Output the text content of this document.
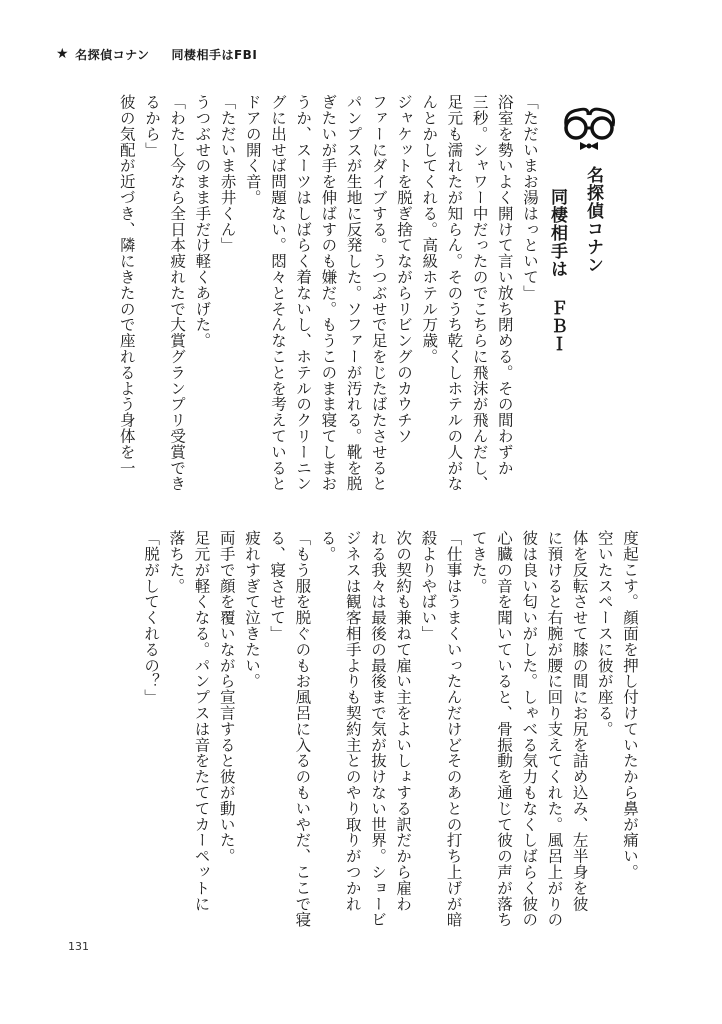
★ 名探偵コナン 同棲相手はFBI
名探偵コナン同棲相手は ＦＢＩ

「ただいまお湯はっといて」

浴室を勢いよく開けて言い放ち閉める。その間わずか

三秒。シャワー中だったのでこちらに飛沫が飛んだし、

足元も濡れたが知らん。そのうち乾くしホテルの人がな

んとかしてくれる。高級ホテル万歳。

ジャケットを脱ぎ捨てながらリビングのカウチソ

ファーにダイブする。うつぶせで足をじたばたさせると

パンプスが生地に反発した。ソファーが汚れる。靴を脱

ぎたいが手を伸ばすのも嫌だ。もうこのまま寝てしまお

うか、スーツはしばらく着ないし、ホテルのクリーニン

グに出せば問題ない。悶々とそんなことを考えていると

ドアの開く音。

「ただいま赤井くん」

うつぶせのまま手だけ軽くあげた。

「わたし今なら全日本疲れたで大賞グランプリ受賞でき

るから」

彼の気配が近づき、隣にきたので座れるよう身体を一

度起こす。顔面を押し付けていたから鼻が痛い。

空いたスペースに彼が座る。

体を反転させて膝の間にお尻を詰め込み、左半身を彼

に預けると右腕が腰に回り支えてくれた。風呂上がりの

彼は良い匂いがした。しゃべる気力もなくしばらく彼の

心臓の音を聞いていると、骨振動を通じて彼の声が落ち

てきた。

「仕事はうまくいったんだけどそのあとの打ち上げが暗

殺よりやばい」

次の契約も兼ねて雇い主をよいしょする訳だから雇わ

れる我々は最後の最後まで気が抜けない世界。ショービ

ジネスは観客相手よりも契約主とのやり取りがつかれ

る。

「もう服を脱ぐのもお風呂に入るのもいやだ、ここで寝

る、寝させて」

疲れすぎて泣きたい。

両手で顔を覆いながら宣言すると彼が動いた。

足元が軽くなる。パンプスは音をたててカーペットに

落ちた。

「脱がしてくれるの？」

131
